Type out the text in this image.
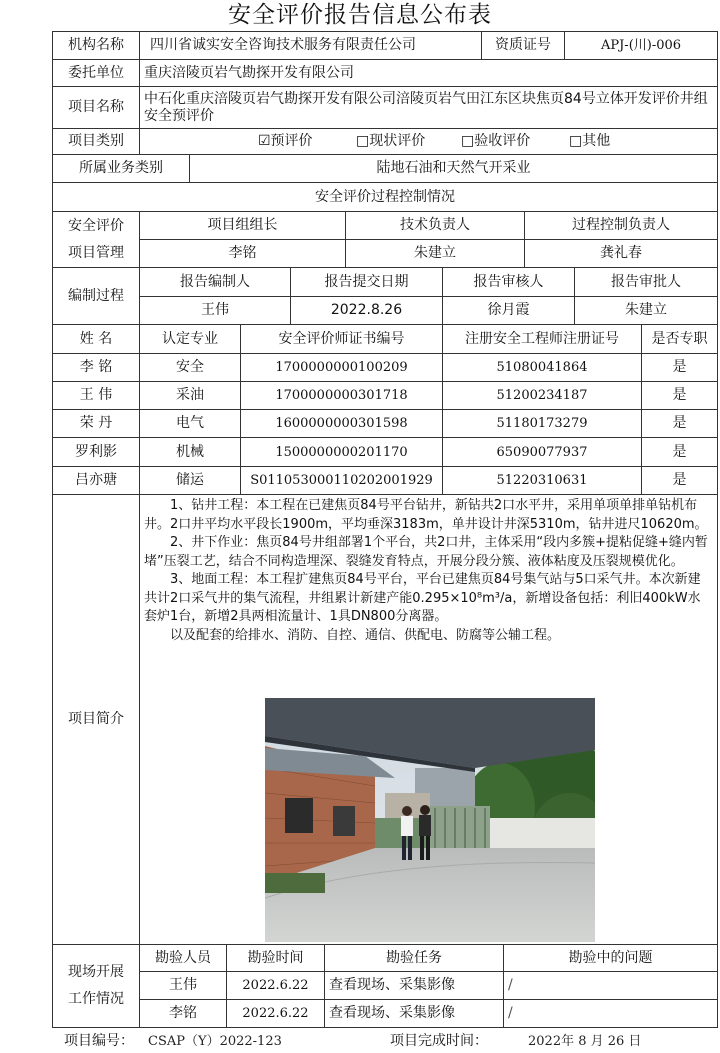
安全评价报告信息公布表
机构名称	四川省诚实安全咨询技术服务有限责任公司	资质证号	APJ-(川)-006
委托单位	重庆涪陵页岩气勘探开发有限公司
项目名称
中石化重庆涪陵页岩气勘探开发有限公司涪陵页岩气田江东区块焦页84号立体开发评价井组安全预评价
项目类别	☑预评价	□现状评价	□验收评价	□其他
所属业务类别	陆地石油和天然气开采业
安全评价过程控制情况
安全评价
项目管理
项目组组长	技术负责人	过程控制负责人
李铭	朱建立	龚礼春
编制过程
报告编制人	报告提交日期	报告审核人	报告审批人
王伟	2022.8.26	徐月霞	朱建立
姓 名	认定专业	安全评价师证书编号	注册安全工程师注册证号	是否专职
李 铭	安全	1700000000100209	51080041864	是
王 伟	采油	1700000000301718	51200234187	是
荣 丹	电气	1600000000301598	51180173279	是
罗利影	机械	1500000000201170	65090077937	是
吕亦瑭	储运	S011053000110202001929	51220310631	是
项目简介

1、钻井工程：本工程在已建焦页84号平台钻井，新钻共2口水平井，采用单项单排单钻机布井。2口井平均水平段长1900m，平均垂深3183m，单井设计井深5310m，钻井进尺10620m。

2、井下作业：焦页84号井组部署1个平台，共2口井，主体采用“段内多簇+提粘促缝+缝内暂堵”压裂工艺，结合不同构造埋深、裂缝发育特点，开展分段分簇、液体粘度及压裂规模优化。

3、地面工程：本工程扩建焦页84号平台，平台已建焦页84号集气站与5口采气井。本次新建共计2口采气井的集气流程，井组累计新建产能0.295×10⁸m³/a，新增设备包括：利旧400kW水套炉1台，新增2具两相流量计、1具DN800分离器。

以及配套的给排水、消防、自控、通信、供配电、防腐等公辅工程。

现场开展
工作情况
勘验人员	勘验时间	勘验任务	勘验中的问题
王伟	2022.6.22	查看现场、采集影像	/
李铭	2022.6.22	查看现场、采集影像	/
项目编号： CSAP（Y）2022-123	项目完成时间：	2022年 8 月 26 日
